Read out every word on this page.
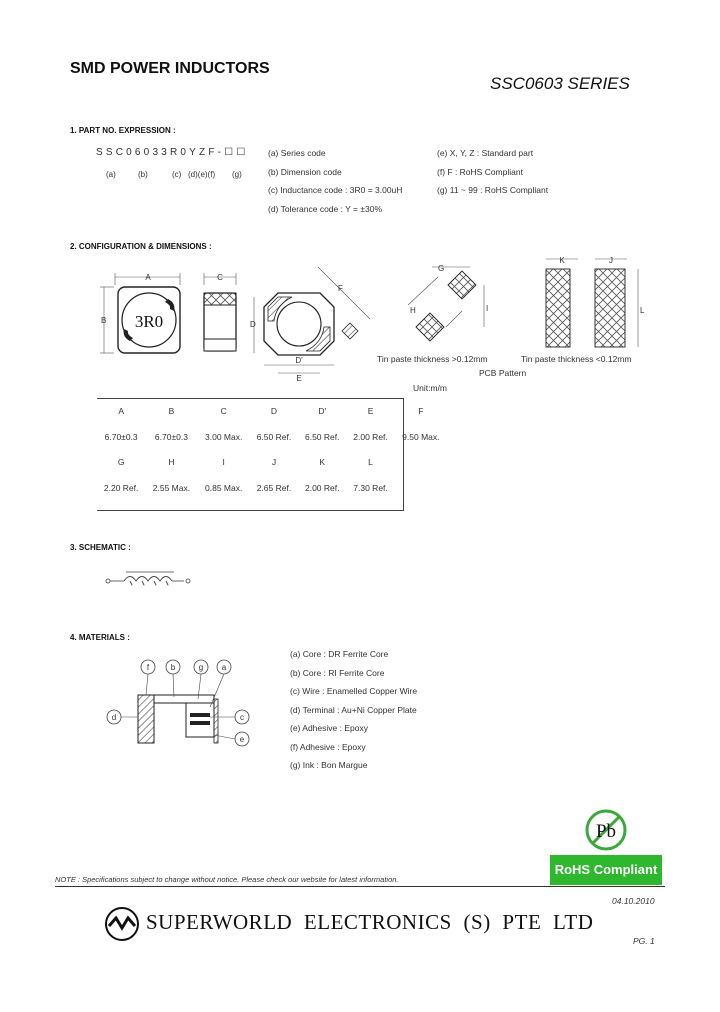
SMD POWER INDUCTORS
SSC0603 SERIES
1. PART NO. EXPRESSION :
SSC06033R0YZF-☐☐
(a)	(b)	(c) (d)(e)(f) (g)
(a) Series code
(b) Dimension code
(c) Inductance code : 3R0 = 3.00uH
(d) Tolerance code : Y = ±30%
(e) X, Y, Z : Standard part
(f) F : RoHS Compliant
(g) 11 ~ 99 : RoHS Compliant
2. CONFIGURATION & DIMENSIONS :
A
3R0
B
C
D
D'
E
F
G
I
H
K	J
L
Tin paste thickness >0.12mm	Tin paste thickness <0.12mm
PCB Pattern
Unit:m/m
A	B	C	D	D'	E	F
6.70±0.3	6.70±0.3	3.00 Max.	6.50 Ref.	6.50 Ref.	2.00 Ref.	9.50 Max.
G	H	I	J	K	L	
2.20 Ref.	2.55 Max.	0.85 Max.	2.65 Ref.	2.00 Ref.	7.30 Ref.	
3. SCHEMATIC :
4. MATERIALS :
f	b	g a
d	c
e
(a) Core : DR Ferrite Core
(b) Core : RI Ferrite Core
(c) Wire : Enamelled Copper Wire
(d) Terminal : Au+Ni Copper Plate
(e) Adhesive : Epoxy
(f) Adhesive : Epoxy
(g) Ink : Bon Margue
Pb
RoHS Compliant
NOTE : Specifications subject to change without notice. Please check our website for latest information.
04.10.2010
SUPERWORLD ELECTRONICS (S) PTE LTD
PG. 1
